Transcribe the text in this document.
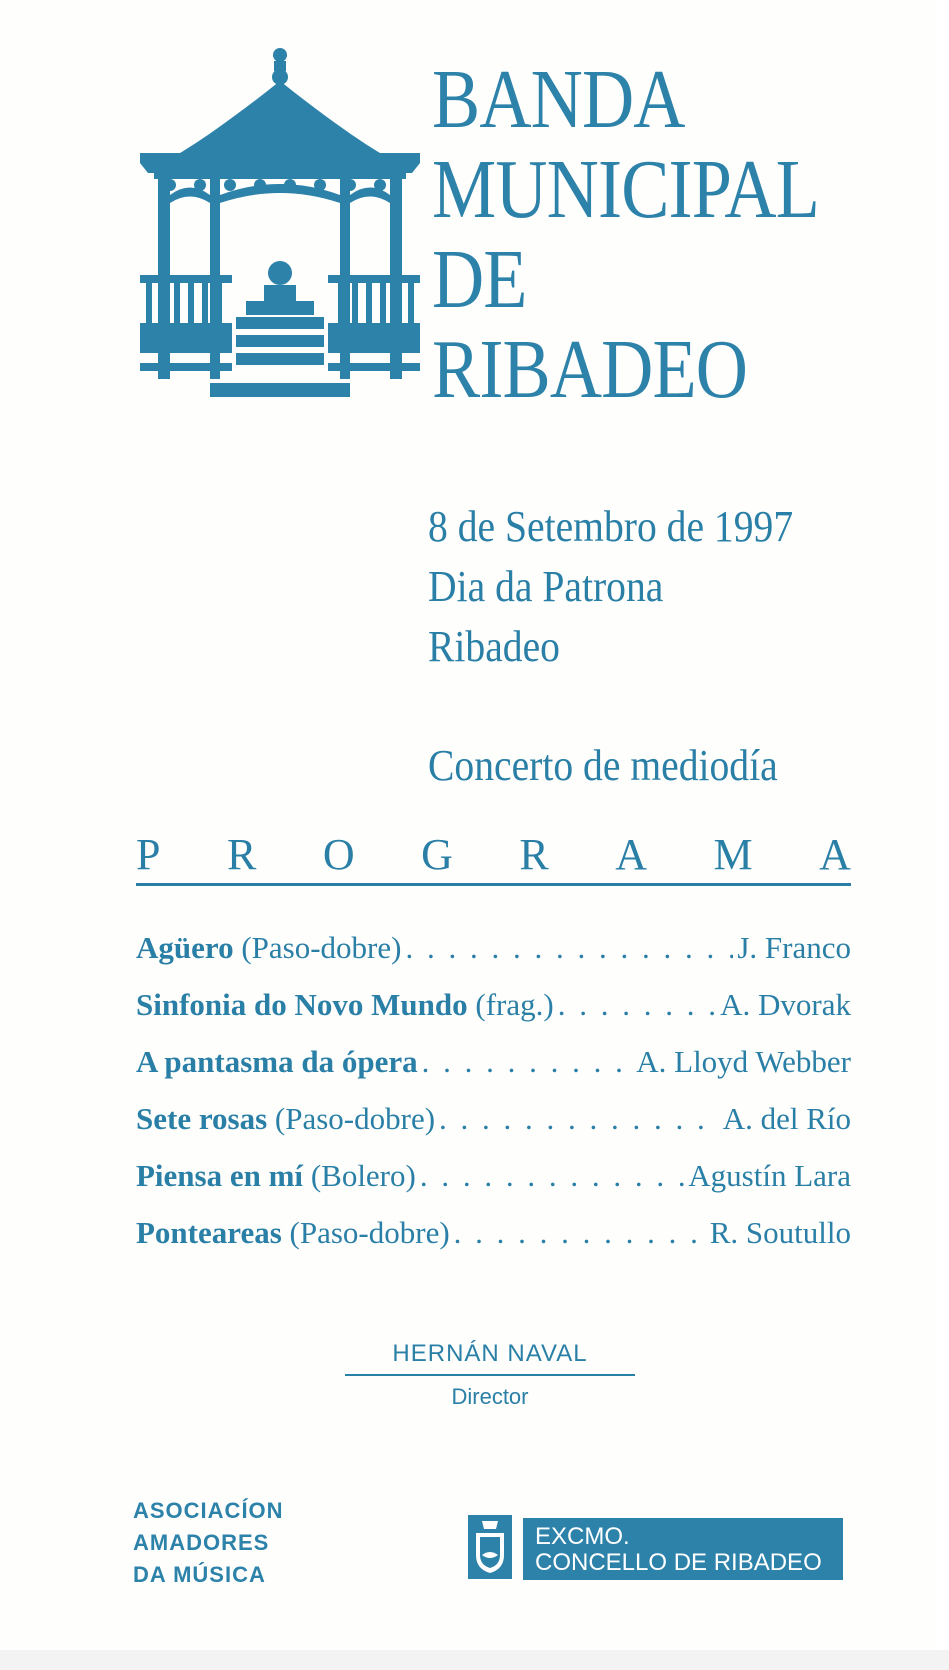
BANDA
MUNICIPAL
DE
RIBADEO
8 de Setembro de 1997
Dia da Patrona
Ribadeo
Concerto de mediodía
P R O G R A M A
Agüero (Paso-dobre) . . .	J. Franco
Sinfonia do Novo Mundo (frag.) . . .	A. Dvorak
A pantasma da ópera . . .	A. Lloyd Webber
Sete rosas (Paso-dobre) . . .	A. del Río
Piensa en mí (Bolero) . . .	Agustín Lara
Ponteareas (Paso-dobre) . . .	R. Soutullo
HERNÁN NAVAL
Director
ASOCIACÍON
AMADORES
DA MÚSICA
EXCMO.
CONCELLO DE RIBADEO
